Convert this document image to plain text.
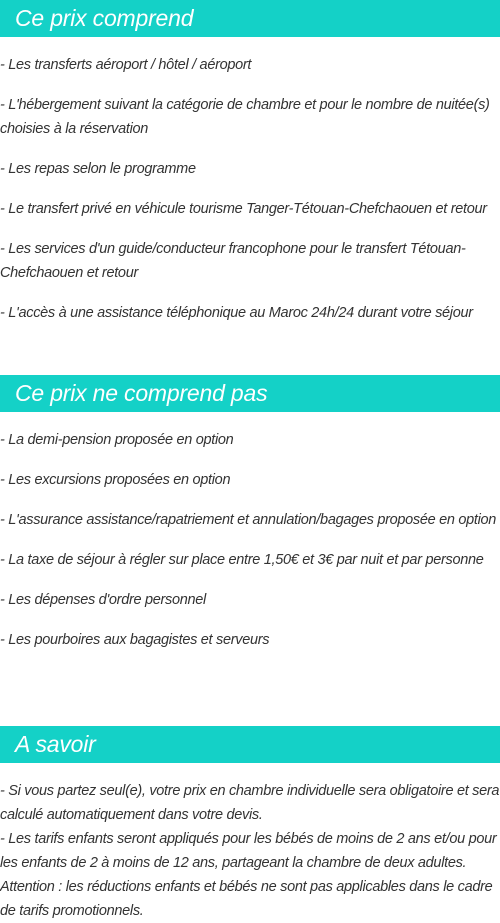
Ce prix comprend
- Les transferts aéroport / hôtel / aéroport
- L'hébergement suivant la catégorie de chambre et pour le nombre de nuitée(s) choisies à la réservation
- Les repas selon le programme
- Le transfert privé en véhicule tourisme Tanger-Tétouan-Chefchaouen et retour
- Les services d'un guide/conducteur francophone pour le transfert Tétouan-Chefchaouen et retour
- L'accès à une assistance téléphonique au Maroc 24h/24 durant votre séjour
Ce prix ne comprend pas
- La demi-pension proposée en option
- Les excursions proposées en option
- L'assurance assistance/rapatriement et annulation/bagages proposée en option
- La taxe de séjour à régler sur place entre 1,50€ et 3€ par nuit et par personne
- Les dépenses d'ordre personnel
- Les pourboires aux bagagistes et serveurs
A savoir

- Si vous partez seul(e), votre prix en chambre individuelle sera obligatoire et sera calculé automatiquement dans votre devis.

- Les tarifs enfants seront appliqués pour les bébés de moins de 2 ans et/ou pour les enfants de 2 à moins de 12 ans, partageant la chambre de deux adultes.

Attention : les réductions enfants et bébés ne sont pas applicables dans le cadre de tarifs promotionnels.
